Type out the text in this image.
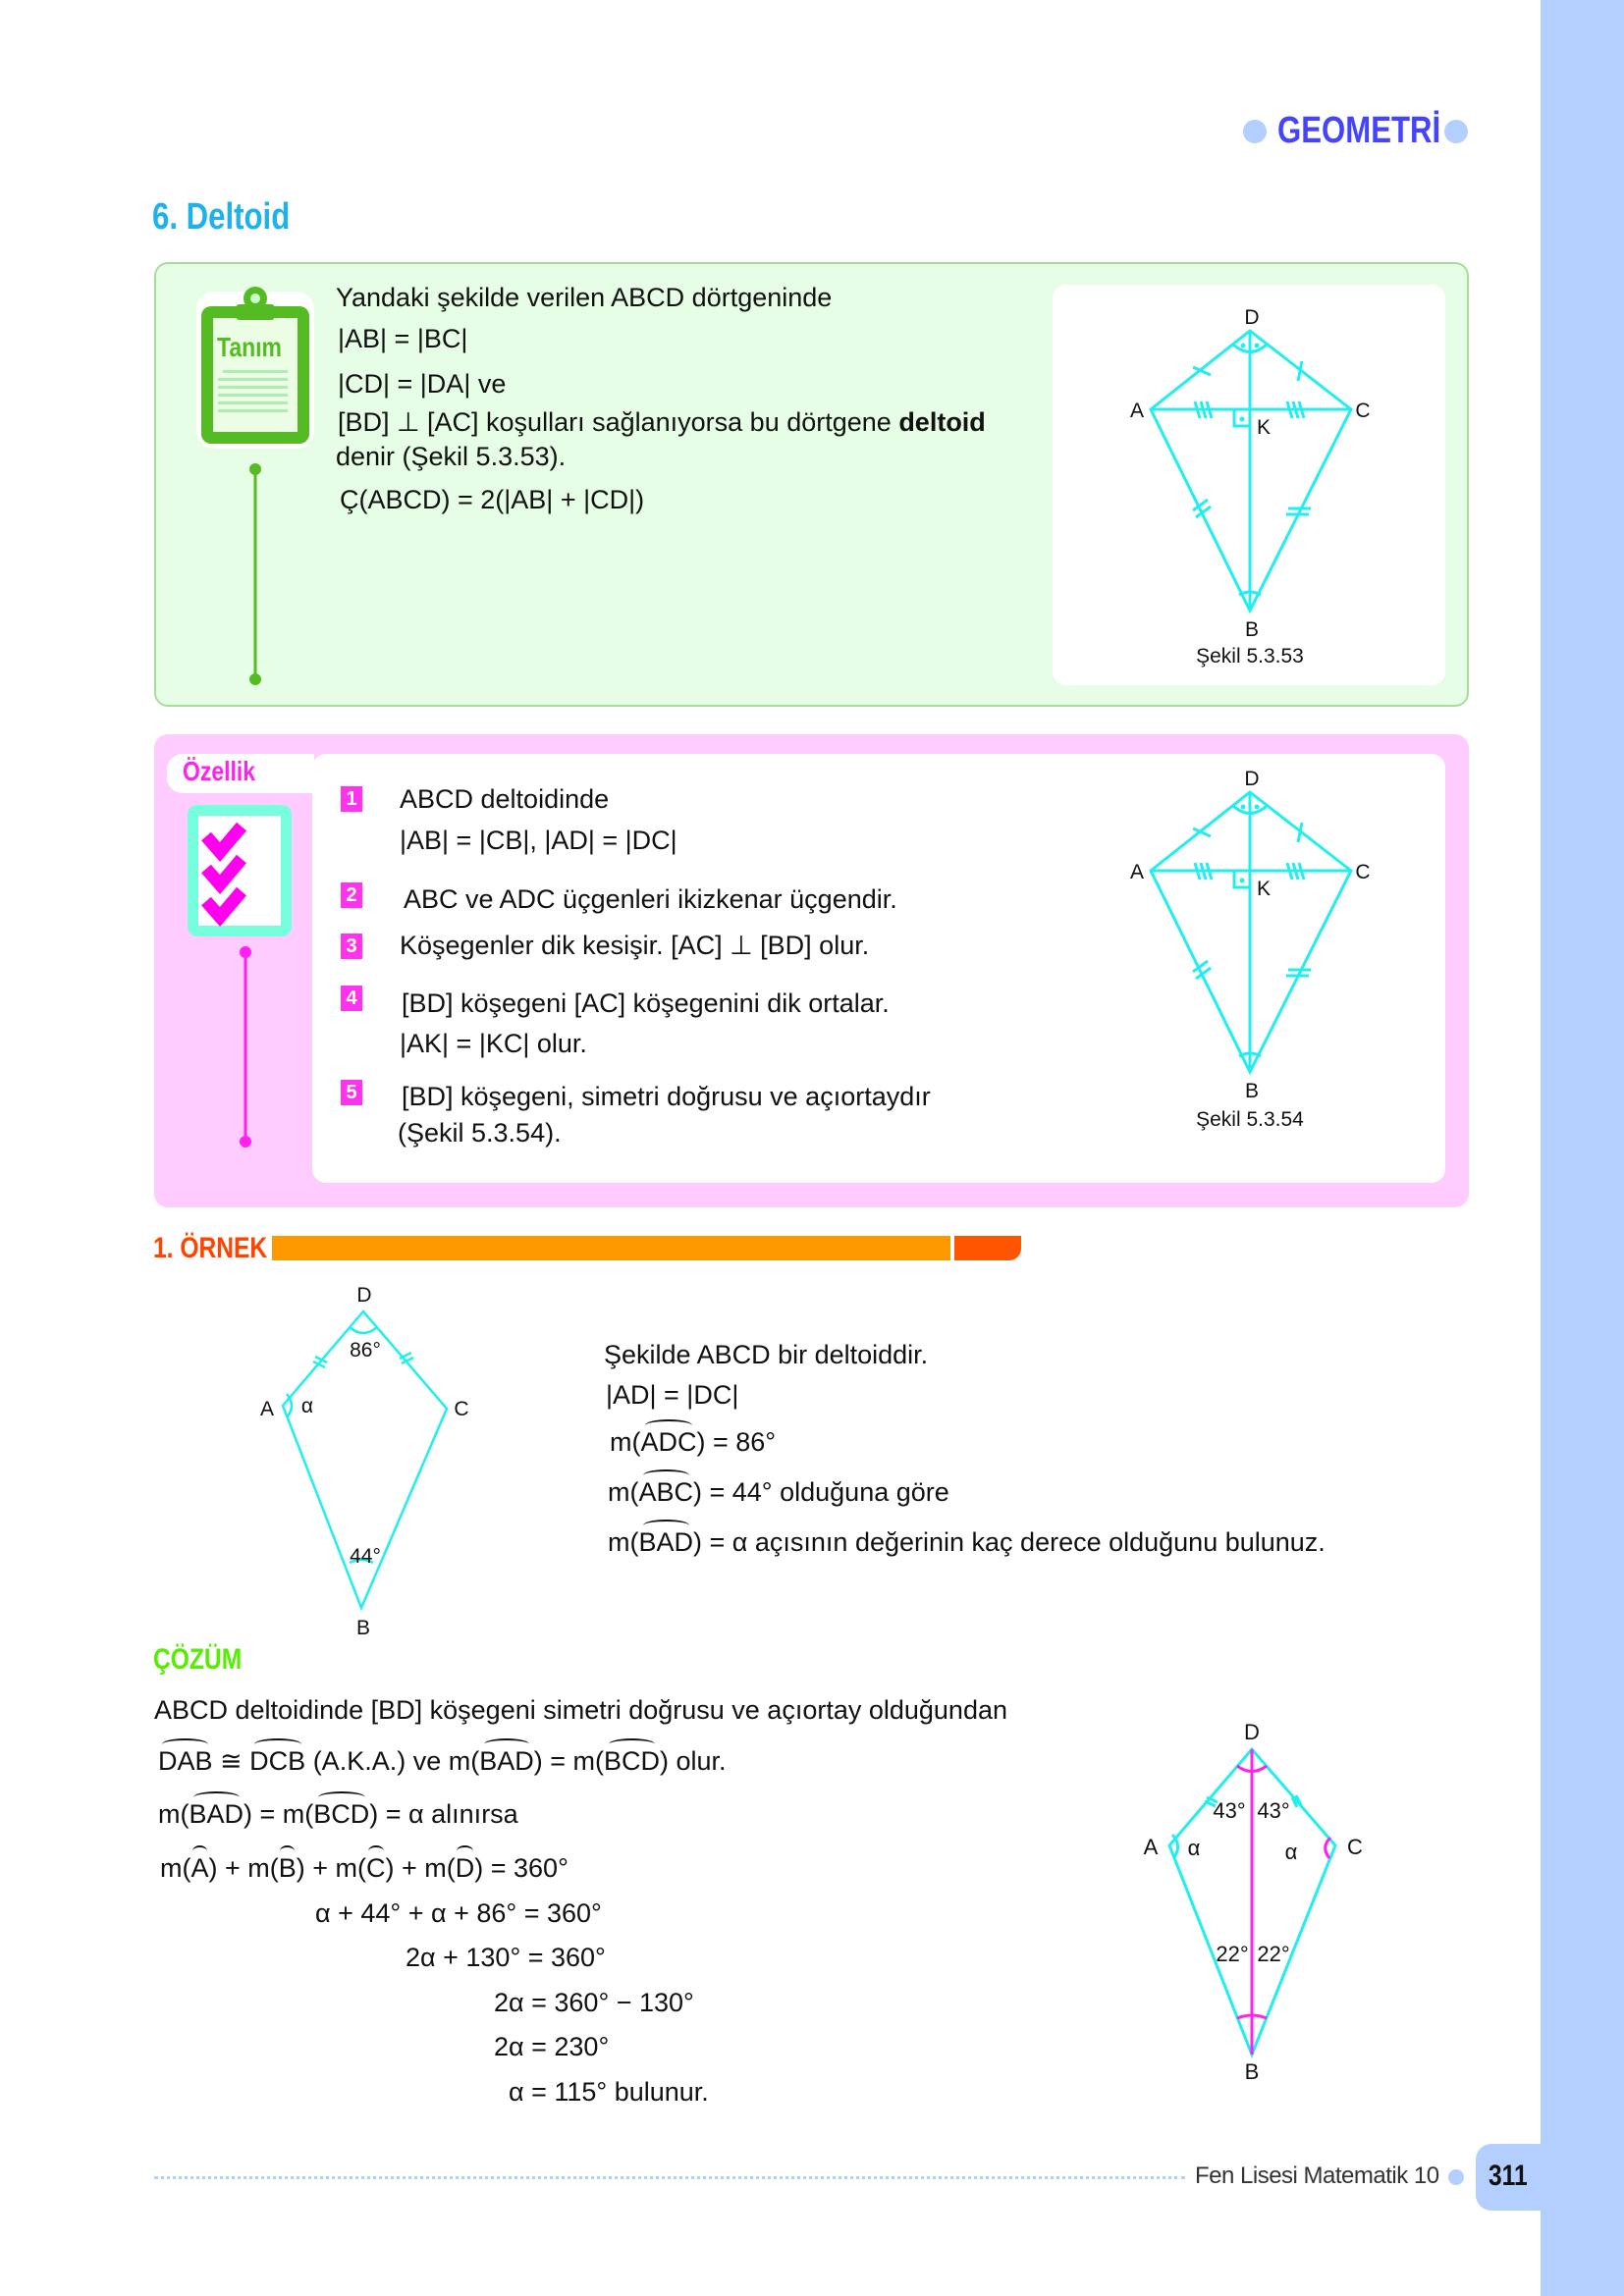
GEOMETRİ
6. Deltoid
Tanım
Yandaki şekilde verilen ABCD dörtgeninde
|AB| = |BC|
|CD| = |DA| ve
[BD] ⊥ [AC] koşulları sağlanıyorsa bu dörtgene deltoid
denir (Şekil 5.3.53).
Ç(ABCD) = 2(|AB| + |CD|)
D
A	C
K
B
Şekil 5.3.53
Özellik
1 ABCD deltoidinde
|AB| = |CB|, |AD| = |DC|
2 ABC ve ADC üçgenleri ikizkenar üçgendir.
3 Köşegenler dik kesişir. [AC] ⊥ [BD] olur.
4 [BD] köşegeni [AC] köşegenini dik ortalar.
|AK| = |KC| olur.
5 [BD] köşegeni, simetri doğrusu ve açıortaydır
(Şekil 5.3.54).
D
A	C
K
B
Şekil 5.3.54
1. ÖRNEK
D
A	C
B
α
86°
44°
Şekilde ABCD bir deltoiddir.
|AD| = |DC|
m(ADC) = 86°
m(ABC) = 44° olduğuna göre
m(BAD) = α açısının değerinin kaç derece olduğunu bulunuz.
ÇÖZÜM
ABCD deltoidinde [BD] köşegeni simetri doğrusu ve açıortay olduğundan
DAB ≅ DCB (A.K.A.) ve m(BAD) = m(BCD) olur.
m(BAD) = m(BCD) = α alınırsa
m(A) + m(B) + m(C) + m(D) = 360°
α + 44° + α + 86° = 360°
2α + 130° = 360°
2α = 360° − 130°
2α = 230°
α = 115° bulunur.
D
A	C
B
α	α
43° 43°
22° 22°
Fen Lisesi Matematik 10 311
